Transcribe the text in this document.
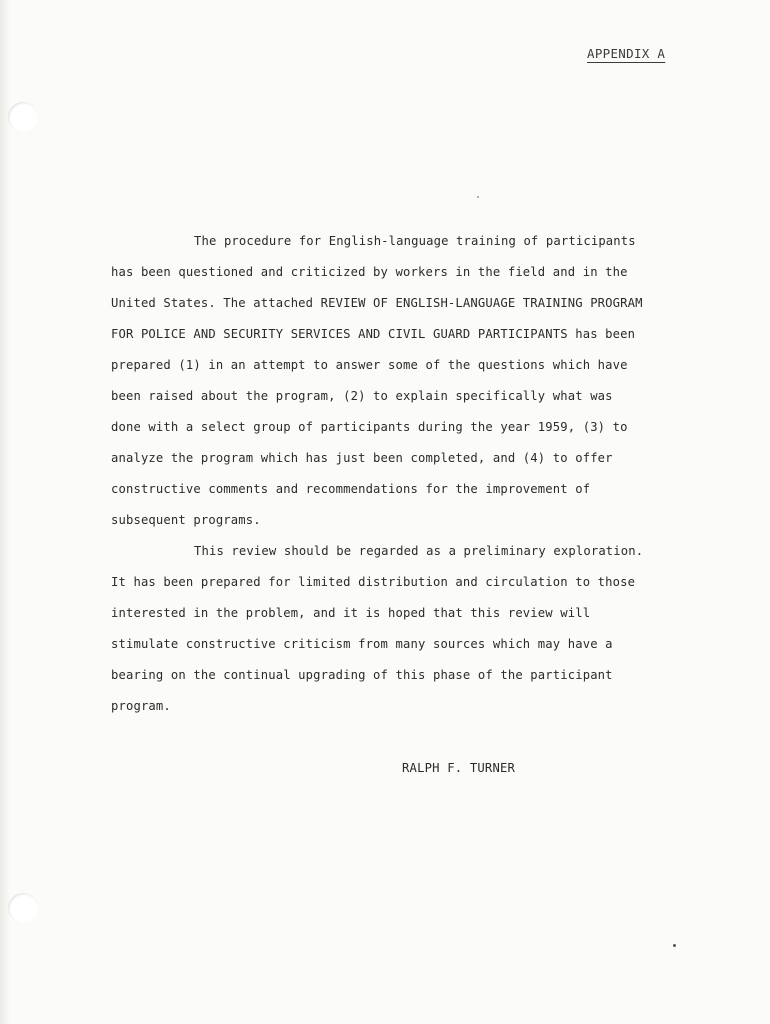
APPENDIX A
The procedure for English-language training of participants
has been questioned and criticized by workers in the field and in the
United States. The attached REVIEW OF ENGLISH-LANGUAGE TRAINING PROGRAM
FOR POLICE AND SECURITY SERVICES AND CIVIL GUARD PARTICIPANTS has been
prepared (1) in an attempt to answer some of the questions which have
been raised about the program, (2) to explain specifically what was
done with a select group of participants during the year 1959, (3) to
analyze the program which has just been completed, and (4) to offer
constructive comments and recommendations for the improvement of
subsequent programs.
This review should be regarded as a preliminary exploration.
It has been prepared for limited distribution and circulation to those
interested in the problem, and it is hoped that this review will
stimulate constructive criticism from many sources which may have a
bearing on the continual upgrading of this phase of the participant
program.
RALPH F. TURNER
